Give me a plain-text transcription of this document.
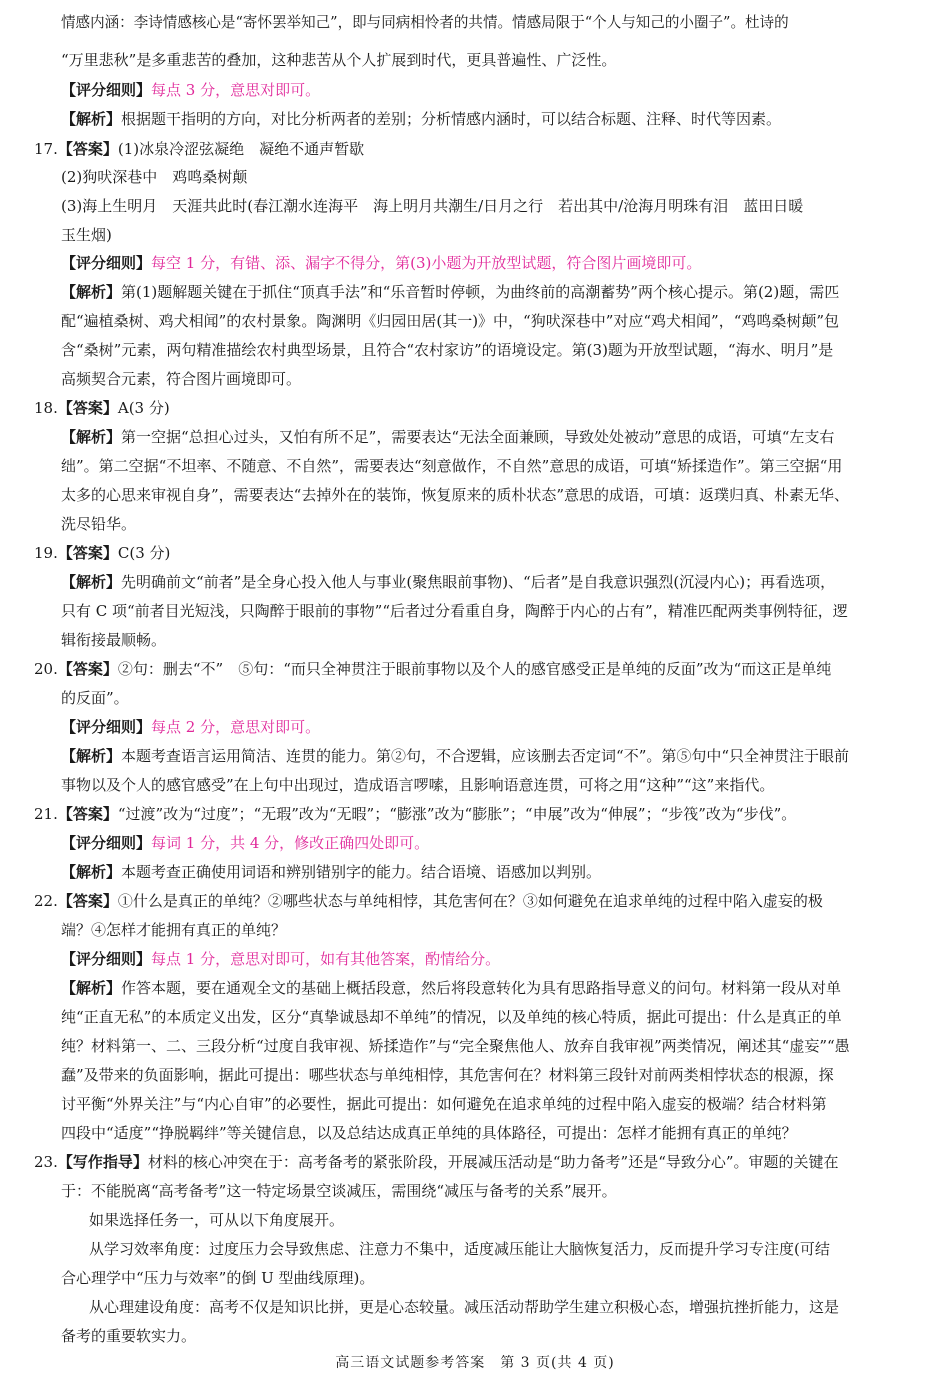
情感内涵：李诗情感核心是“寄怀罢举知己”，即与同病相怜者的共情。情感局限于“个人与知己的小圈子”。杜诗的
“万里悲秋”是多重悲苦的叠加，这种悲苦从个人扩展到时代，更具普遍性、广泛性。
【评分细则】每点 3 分，意思对即可。
【解析】根据题干指明的方向，对比分析两者的差别；分析情感内涵时，可以结合标题、注释、时代等因素。
17.【答案】(1)冰泉冷涩弦凝绝　凝绝不通声暂歇
(2)狗吠深巷中　鸡鸣桑树颠
(3)海上生明月　天涯共此时(春江潮水连海平　海上明月共潮生/日月之行　若出其中/沧海月明珠有泪　蓝田日暖
玉生烟)
【评分细则】每空 1 分，有错、添、漏字不得分，第(3)小题为开放型试题，符合图片画境即可。
【解析】第(1)题解题关键在于抓住“顶真手法”和“乐音暂时停顿，为曲终前的高潮蓄势”两个核心提示。第(2)题，需匹
配“遍植桑树、鸡犬相闻”的农村景象。陶渊明《归园田居(其一)》中，“狗吠深巷中”对应“鸡犬相闻”，“鸡鸣桑树颠”包
含“桑树”元素，两句精准描绘农村典型场景，且符合“农村家访”的语境设定。第(3)题为开放型试题，“海水、明月”是
高频契合元素，符合图片画境即可。
18.【答案】A(3 分)
【解析】第一空据“总担心过头，又怕有所不足”，需要表达“无法全面兼顾，导致处处被动”意思的成语，可填“左支右
绌”。第二空据“不坦率、不随意、不自然”，需要表达“刻意做作，不自然”意思的成语，可填“矫揉造作”。第三空据“用
太多的心思来审视自身”，需要表达“去掉外在的装饰，恢复原来的质朴状态”意思的成语，可填：返璞归真、朴素无华、
洗尽铅华。
19.【答案】C(3 分)
【解析】先明确前文“前者”是全身心投入他人与事业(聚焦眼前事物)、“后者”是自我意识强烈(沉浸内心)；再看选项，
只有 C 项“前者目光短浅，只陶醉于眼前的事物”“后者过分看重自身，陶醉于内心的占有”，精准匹配两类事例特征，逻
辑衔接最顺畅。
20.【答案】②句：删去“不”　⑤句：“而只全神贯注于眼前事物以及个人的感官感受正是单纯的反面”改为“而这正是单纯
的反面”。
【评分细则】每点 2 分，意思对即可。
【解析】本题考查语言运用简洁、连贯的能力。第②句，不合逻辑，应该删去否定词“不”。第⑤句中“只全神贯注于眼前
事物以及个人的感官感受”在上句中出现过，造成语言啰嗦，且影响语意连贯，可将之用“这种”“这”来指代。
21.【答案】“过渡”改为“过度”；“无瑕”改为“无暇”；“膨涨”改为“膨胀”；“申展”改为“伸展”；“步筏”改为“步伐”。
【评分细则】每词 1 分，共 4 分，修改正确四处即可。
【解析】本题考查正确使用词语和辨别错别字的能力。结合语境、语感加以判别。
22.【答案】①什么是真正的单纯？②哪些状态与单纯相悖，其危害何在？③如何避免在追求单纯的过程中陷入虚妄的极
端？④怎样才能拥有真正的单纯？
【评分细则】每点 1 分，意思对即可，如有其他答案，酌情给分。
【解析】作答本题，要在通观全文的基础上概括段意，然后将段意转化为具有思路指导意义的问句。材料第一段从对单
纯“正直无私”的本质定义出发，区分“真挚诚恳却不单纯”的情况，以及单纯的核心特质，据此可提出：什么是真正的单
纯？材料第一、二、三段分析“过度自我审视、矫揉造作”与“完全聚焦他人、放弃自我审视”两类情况，阐述其“虚妄”“愚
蠢”及带来的负面影响，据此可提出：哪些状态与单纯相悖，其危害何在？材料第三段针对前两类相悖状态的根源，探
讨平衡“外界关注”与“内心自审”的必要性，据此可提出：如何避免在追求单纯的过程中陷入虚妄的极端？结合材料第
四段中“适度”“挣脱羁绊”等关键信息，以及总结达成真正单纯的具体路径，可提出：怎样才能拥有真正的单纯？
23.【写作指导】材料的核心冲突在于：高考备考的紧张阶段，开展减压活动是“助力备考”还是“导致分心”。审题的关键在
于：不能脱离“高考备考”这一特定场景空谈减压，需围绕“减压与备考的关系”展开。
如果选择任务一，可从以下角度展开。
从学习效率角度：过度压力会导致焦虑、注意力不集中，适度减压能让大脑恢复活力，反而提升学习专注度(可结
合心理学中“压力与效率”的倒 U 型曲线原理)。
从心理建设角度：高考不仅是知识比拼，更是心态较量。减压活动帮助学生建立积极心态，增强抗挫折能力，这是
备考的重要软实力。
高三语文试题参考答案　第 3 页(共 4 页)
